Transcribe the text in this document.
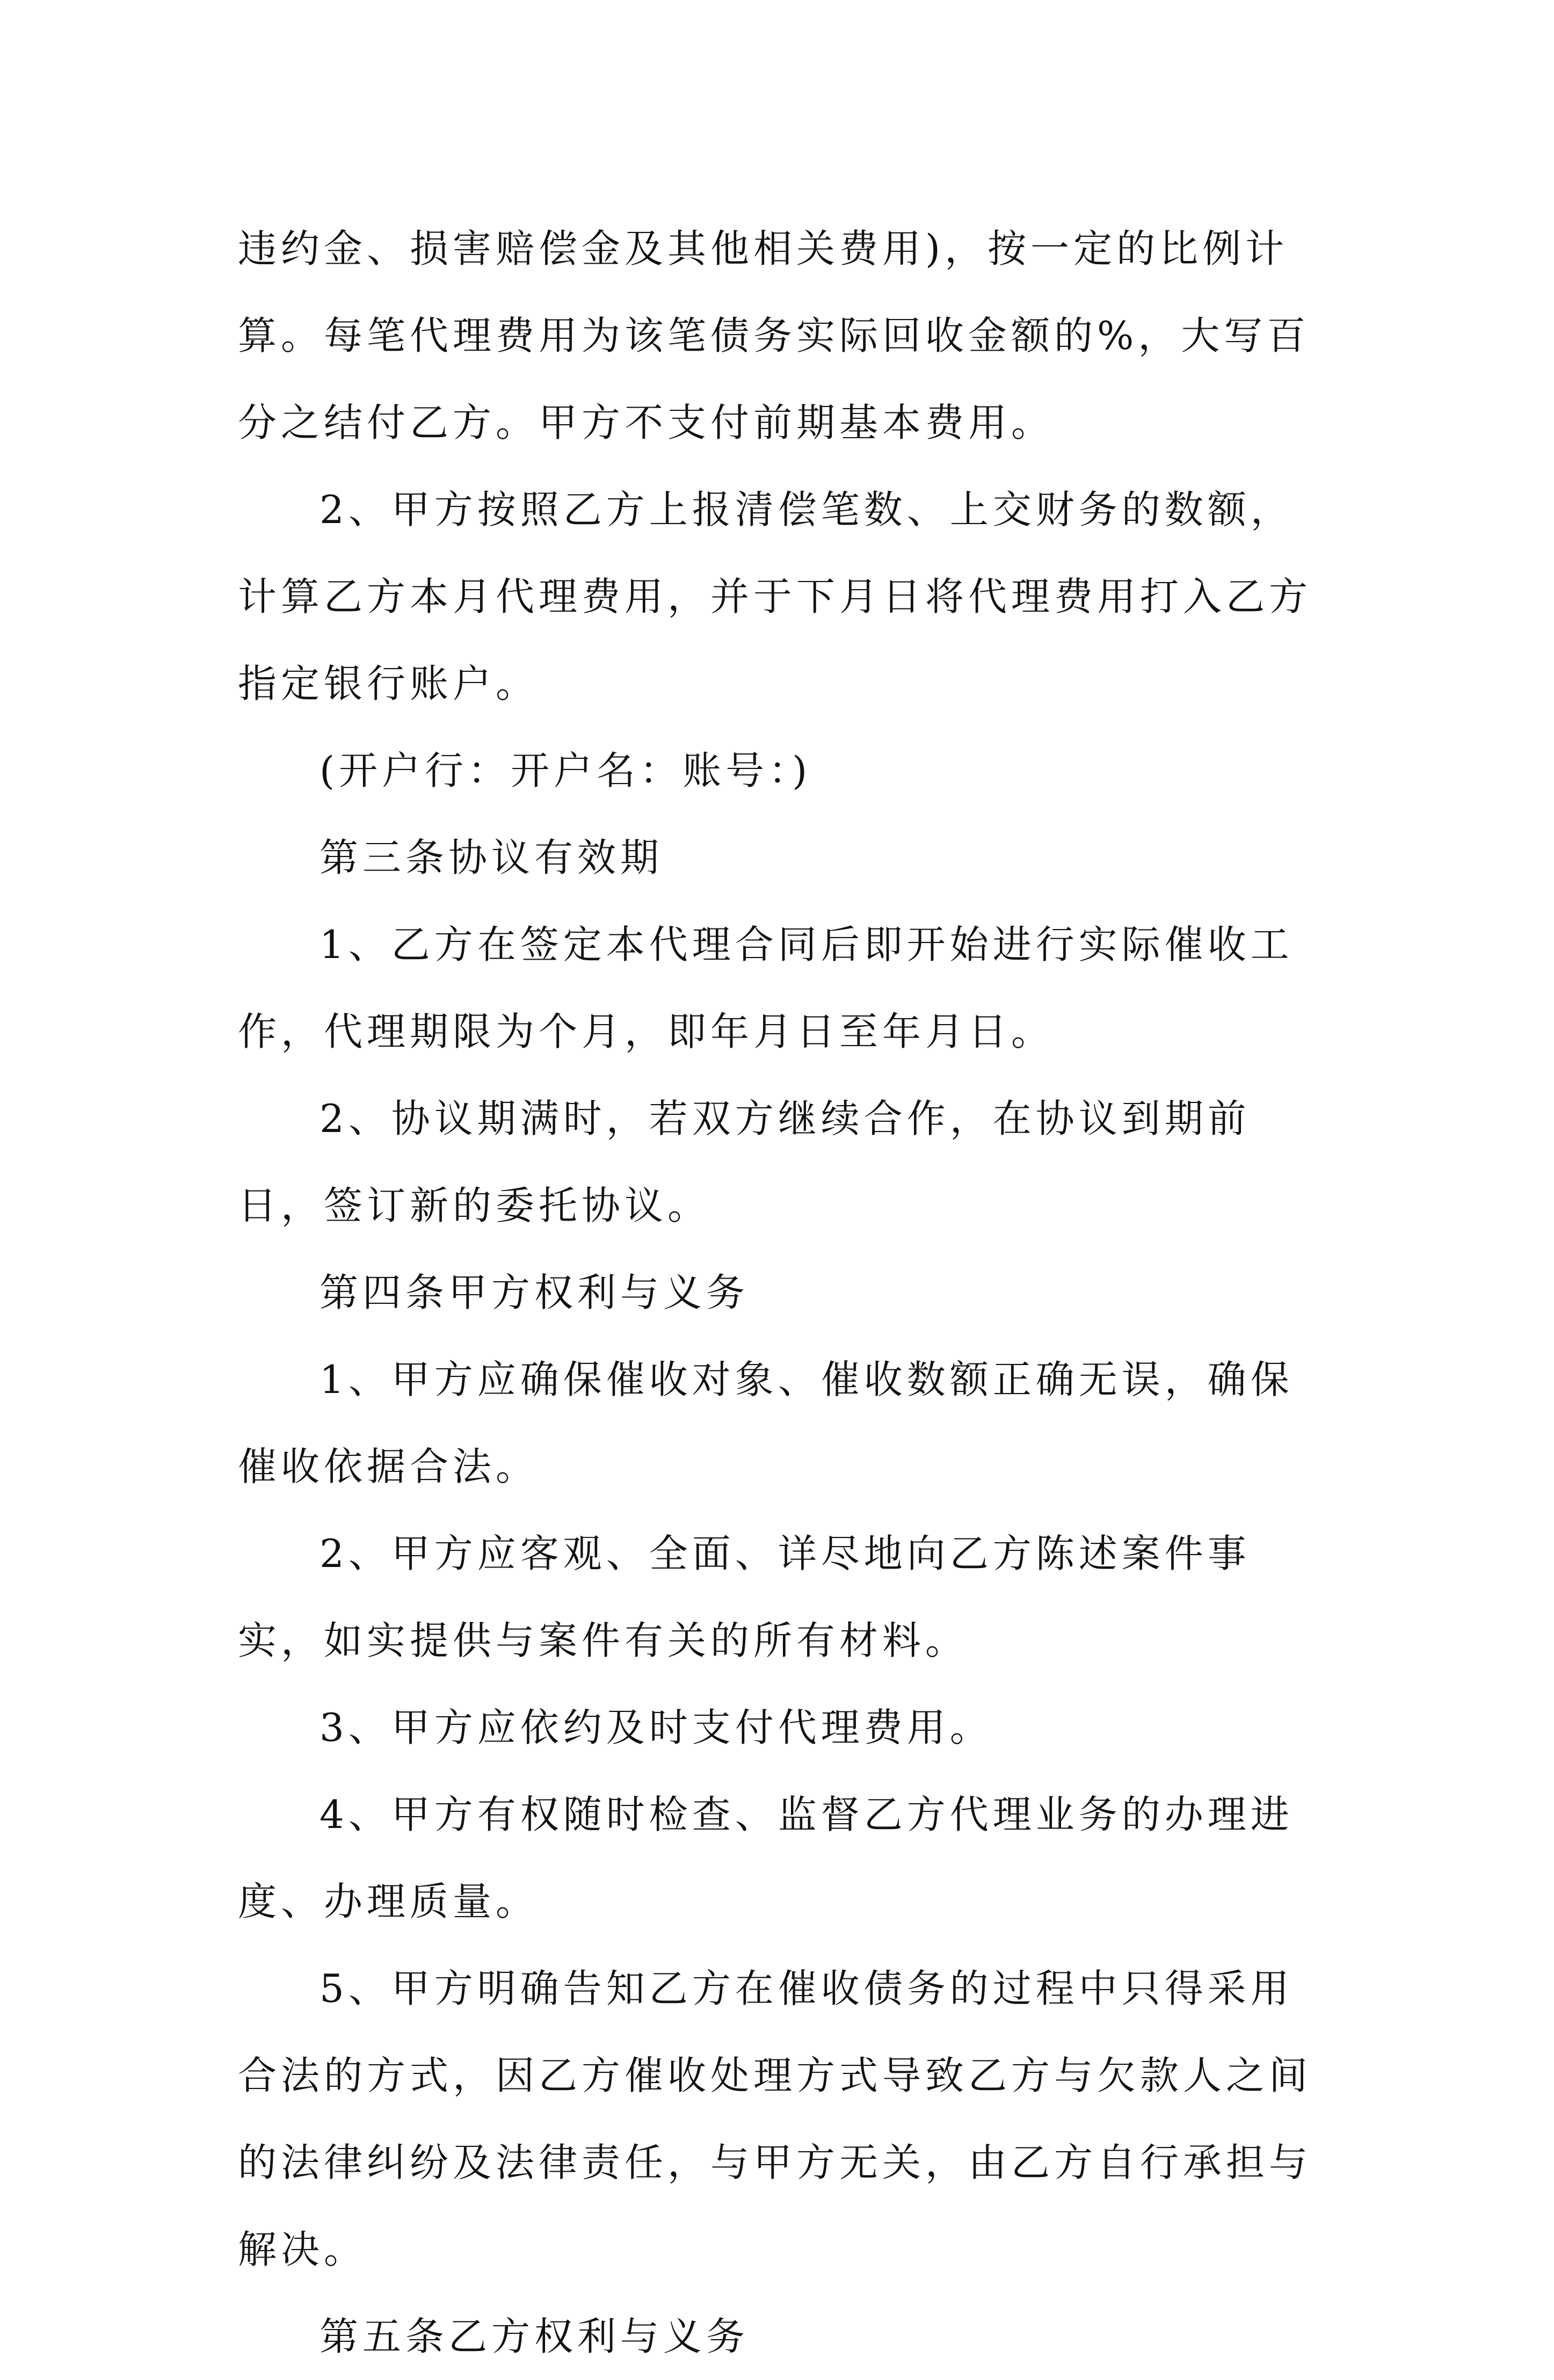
违约金、损害赔偿金及其他相关费用)，按一定的比例计算。每笔代理费用为该笔债务实际回收金额的%，大写百分之结付乙方。甲方不支付前期基本费用。

2、甲方按照乙方上报清偿笔数、上交财务的数额，计算乙方本月代理费用，并于下月日将代理费用打入乙方指定银行账户。

(开户行：开户名：账号：)

第三条协议有效期

1、乙方在签定本代理合同后即开始进行实际催收工作，代理期限为个月，即年月日至年月日。

2、协议期满时，若双方继续合作，在协议到期前日，签订新的委托协议。

第四条甲方权利与义务

1、甲方应确保催收对象、催收数额正确无误，确保催收依据合法。

2、甲方应客观、全面、详尽地向乙方陈述案件事实，如实提供与案件有关的所有材料。

3、甲方应依约及时支付代理费用。

4、甲方有权随时检查、监督乙方代理业务的办理进度、办理质量。

5、甲方明确告知乙方在催收债务的过程中只得采用合法的方式，因乙方催收处理方式导致乙方与欠款人之间的法律纠纷及法律责任，与甲方无关，由乙方自行承担与解决。

第五条乙方权利与义务
